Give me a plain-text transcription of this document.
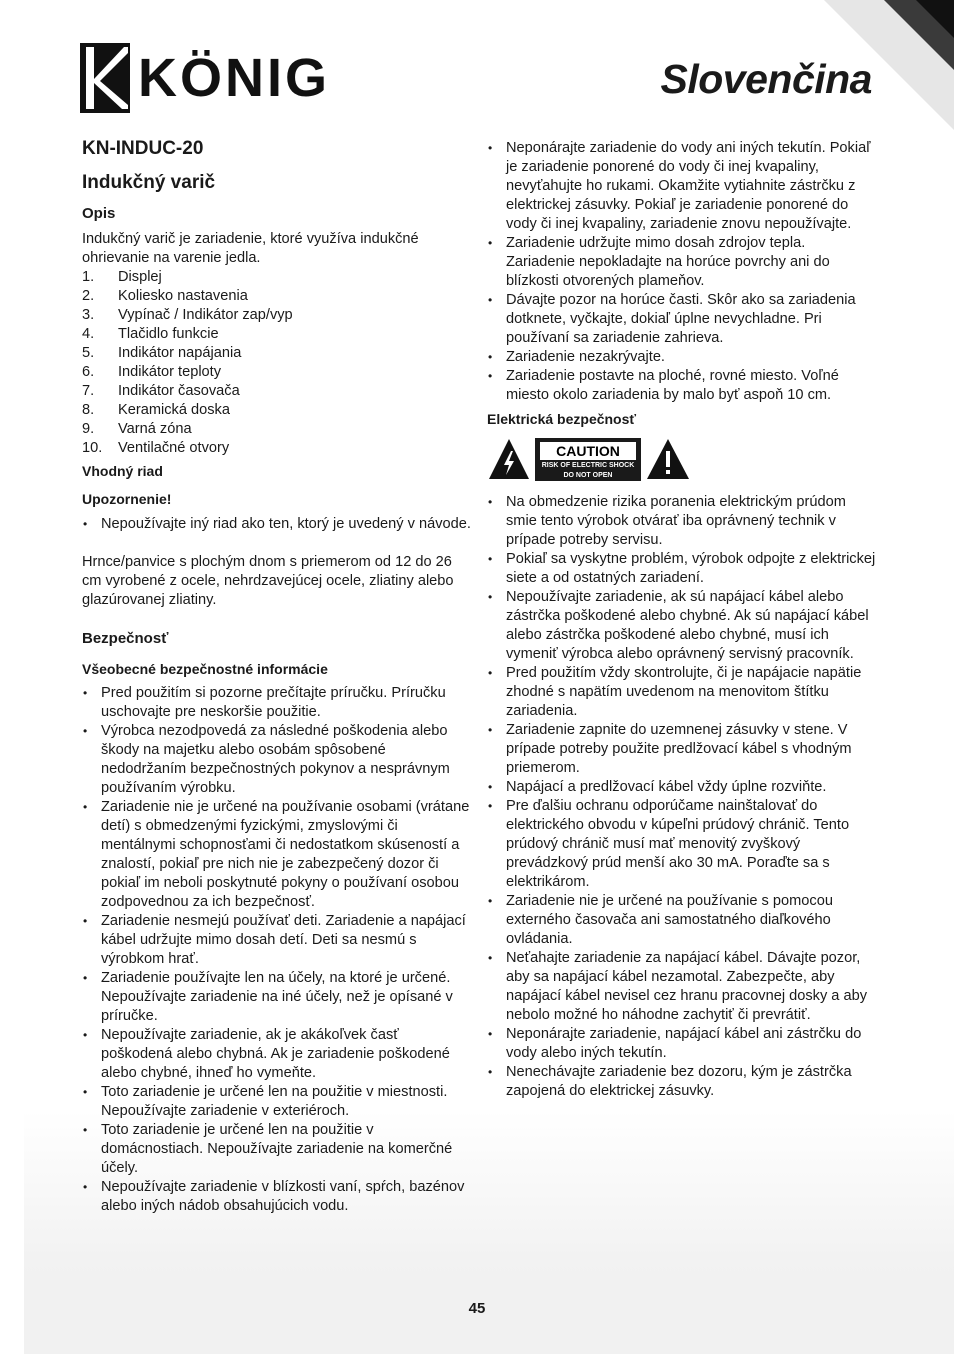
KÖNIG	Slovenčina
KN-INDUC-20
Indukčný varič
Opis
Indukčný varič je zariadenie, ktoré využíva indukčné ohrievanie na varenie jedla.
1.	Displej
2.	Koliesko nastavenia
3.	Vypínač / Indikátor zap/vyp
4.	Tlačidlo funkcie
5.	Indikátor napájania
6.	Indikátor teploty
7.	Indikátor časovača
8.	Keramická doska
9.	Varná zóna
10.	Ventilačné otvory
Vhodný riad
Upozornenie!
• Nepoužívajte iný riad ako ten, ktorý je uvedený v návode.
Hrnce/panvice s plochým dnom s priemerom od 12 do 26 cm vyrobené z ocele, nehrdzavejúcej ocele, zliatiny alebo glazúrovanej zliatiny.
Bezpečnosť
Všeobecné bezpečnostné informácie
• Pred použitím si pozorne prečítajte príručku. Príručku uschovajte pre neskoršie použitie.
• Výrobca nezodpovedá za následné poškodenia alebo škody na majetku alebo osobám spôsobené nedodržaním bezpečnostných pokynov a nesprávnym používaním výrobku.
• Zariadenie nie je určené na používanie osobami (vrátane detí) s obmedzenými fyzickými, zmyslovými či mentálnymi schopnosťami či nedostatkom skúseností a znalostí, pokiaľ pre nich nie je zabezpečený dozor či pokiaľ im neboli poskytnuté pokyny o používaní osobou zodpovednou za ich bezpečnosť.
• Zariadenie nesmejú používať deti. Zariadenie a napájací kábel udržujte mimo dosah detí. Deti sa nesmú s výrobkom hrať.
• Zariadenie používajte len na účely, na ktoré je určené. Nepoužívajte zariadenie na iné účely, než je opísané v príručke.
• Nepoužívajte zariadenie, ak je akákoľvek časť poškodená alebo chybná. Ak je zariadenie poškodené alebo chybné, ihneď ho vymeňte.
• Toto zariadenie je určené len na použitie v miestnosti. Nepoužívajte zariadenie v exteriéroch.
• Toto zariadenie je určené len na použitie v domácnostiach. Nepoužívajte zariadenie na komerčné účely.
• Nepoužívajte zariadenie v blízkosti vaní, spŕch, bazénov alebo iných nádob obsahujúcich vodu.
• Neponárajte zariadenie do vody ani iných tekutín. Pokiaľ je zariadenie ponorené do vody či inej kvapaliny, nevyťahujte ho rukami. Okamžite vytiahnite zástrčku z elektrickej zásuvky. Pokiaľ je zariadenie ponorené do vody či inej kvapaliny, zariadenie znovu nepoužívajte.
• Zariadenie udržujte mimo dosah zdrojov tepla. Zariadenie nepokladajte na horúce povrchy ani do blízkosti otvorených plameňov.
• Dávajte pozor na horúce časti. Skôr ako sa zariadenia dotknete, vyčkajte, dokiaľ úplne nevychladne. Pri používaní sa zariadenie zahrieva.
• Zariadenie nezakrývajte.
• Zariadenie postavte na ploché, rovné miesto. Voľné miesto okolo zariadenia by malo byť aspoň 10 cm.
Elektrická bezpečnosť
CAUTION
RISK OF ELECTRIC SHOCK
DO NOT OPEN
• Na obmedzenie rizika poranenia elektrickým prúdom smie tento výrobok otvárať iba oprávnený technik v prípade potreby servisu.
• Pokiaľ sa vyskytne problém, výrobok odpojte z elektrickej siete a od ostatných zariadení.
• Nepoužívajte zariadenie, ak sú napájací kábel alebo zástrčka poškodené alebo chybné. Ak sú napájací kábel alebo zástrčka poškodené alebo chybné, musí ich vymeniť výrobca alebo oprávnený servisný pracovník.
• Pred použitím vždy skontrolujte, či je napájacie napätie zhodné s napätím uvedenom na menovitom štítku zariadenia.
• Zariadenie zapnite do uzemnenej zásuvky v stene. V prípade potreby použite predlžovací kábel s vhodným priemerom.
• Napájací a predlžovací kábel vždy úplne rozviňte.
• Pre ďalšiu ochranu odporúčame nainštalovať do elektrického obvodu v kúpeľni prúdový chránič. Tento prúdový chránič musí mať menovitý zvyškový prevádzkový prúd menší ako 30 mA. Poraďte sa s elektrikárom.
• Zariadenie nie je určené na používanie s pomocou externého časovača ani samostatného diaľkového ovládania.
• Neťahajte zariadenie za napájací kábel. Dávajte pozor, aby sa napájací kábel nezamotal. Zabezpečte, aby napájací kábel nevisel cez hranu pracovnej dosky a aby nebolo možné ho náhodne zachytiť či prevrátiť.
• Neponárajte zariadenie, napájací kábel ani zástrčku do vody alebo iných tekutín.
• Nenechávajte zariadenie bez dozoru, kým je zástrčka zapojená do elektrickej zásuvky.
45
